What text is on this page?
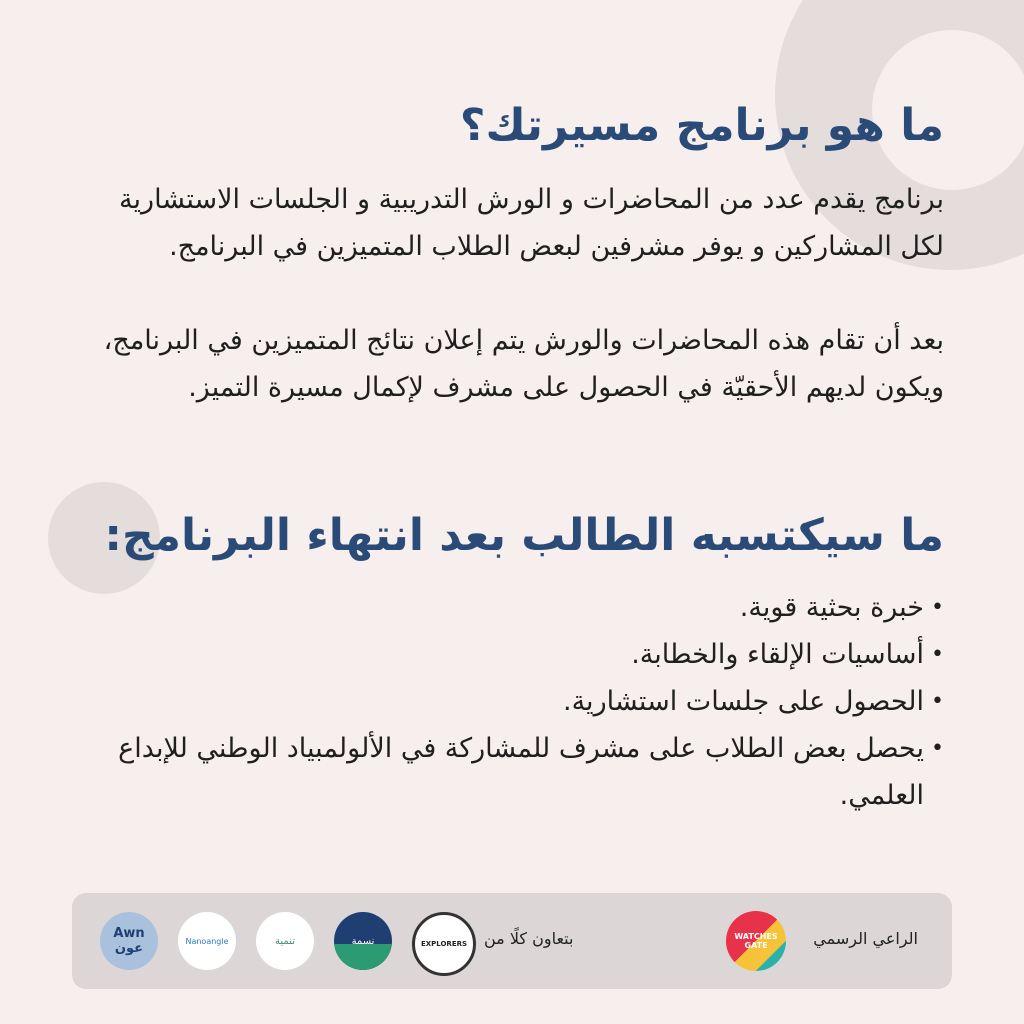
ما هو برنامج مسيرتك؟

برنامج يقدم عدد من المحاضرات و الورش التدريبية و الجلسات الاستشارية لكل المشاركين و يوفر مشرفين لبعض الطلاب المتميزين في البرنامج.

بعد أن تقام هذه المحاضرات والورش يتم إعلان نتائج المتميزين في البرنامج، ويكون لديهم الأحقيّة في الحصول على مشرف لإكمال مسيرة التميز.

ما سيكتسبه الطالب بعد انتهاء البرنامج:
• خبرة بحثية قوية.
• أساسيات الإلقاء والخطابة.
• الحصول على جلسات استشارية.
• يحصل بعض الطلاب على مشرف للمشاركة في الألولمبياد الوطني للإبداع العلمي.
الراعي الرسمي
WATCHES GATE
بتعاون كلًا من
EXPLORERS
نسمة
تنمية
Nanoangle
Awn عون
